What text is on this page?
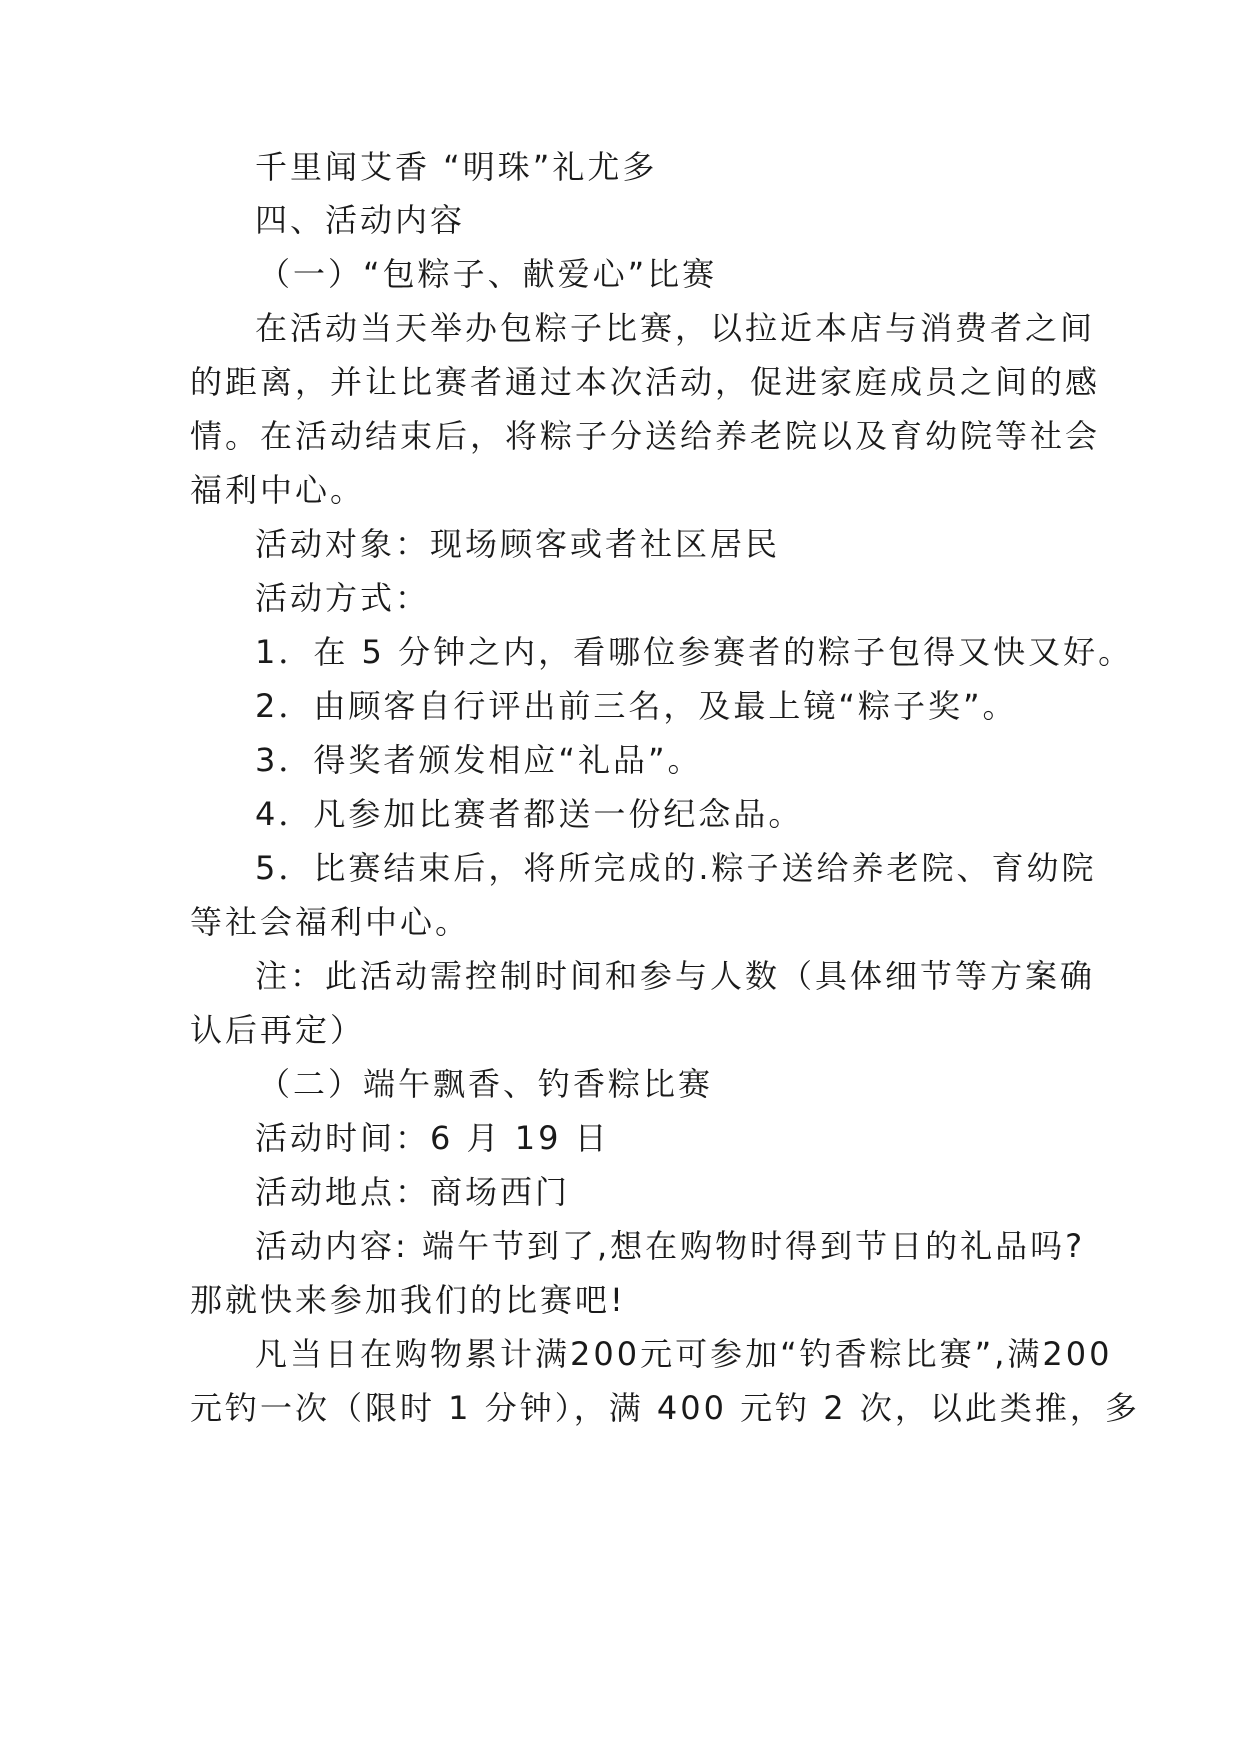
千里闻艾香 “明珠”礼尤多
四、活动内容
（一）“包粽子、献爱心”比赛
在活动当天举办包粽子比赛，以拉近本店与消费者之间
的距离，并让比赛者通过本次活动，促进家庭成员之间的感
情。在活动结束后，将粽子分送给养老院以及育幼院等社会
福利中心。
活动对象：现场顾客或者社区居民
活动方式：
1．在 5 分钟之内，看哪位参赛者的粽子包得又快又好。
2．由顾客自行评出前三名，及最上镜“粽子奖”。
3．得奖者颁发相应“礼品”。
4．凡参加比赛者都送一份纪念品。
5．比赛结束后，将所完成的.粽子送给养老院、育幼院
等社会福利中心。
注：此活动需控制时间和参与人数（具体细节等方案确
认后再定）
（二）端午飘香、钓香粽比赛
活动时间：6 月 19 日
活动地点：商场西门
活动内容: 端午节到了,想在购物时得到节日的礼品吗?
那就快来参加我们的比赛吧!
凡当日在购物累计满200元可参加“钓香粽比赛”,满200
元钓一次（限时 1 分钟），满 400 元钓 2 次，以此类推，多
